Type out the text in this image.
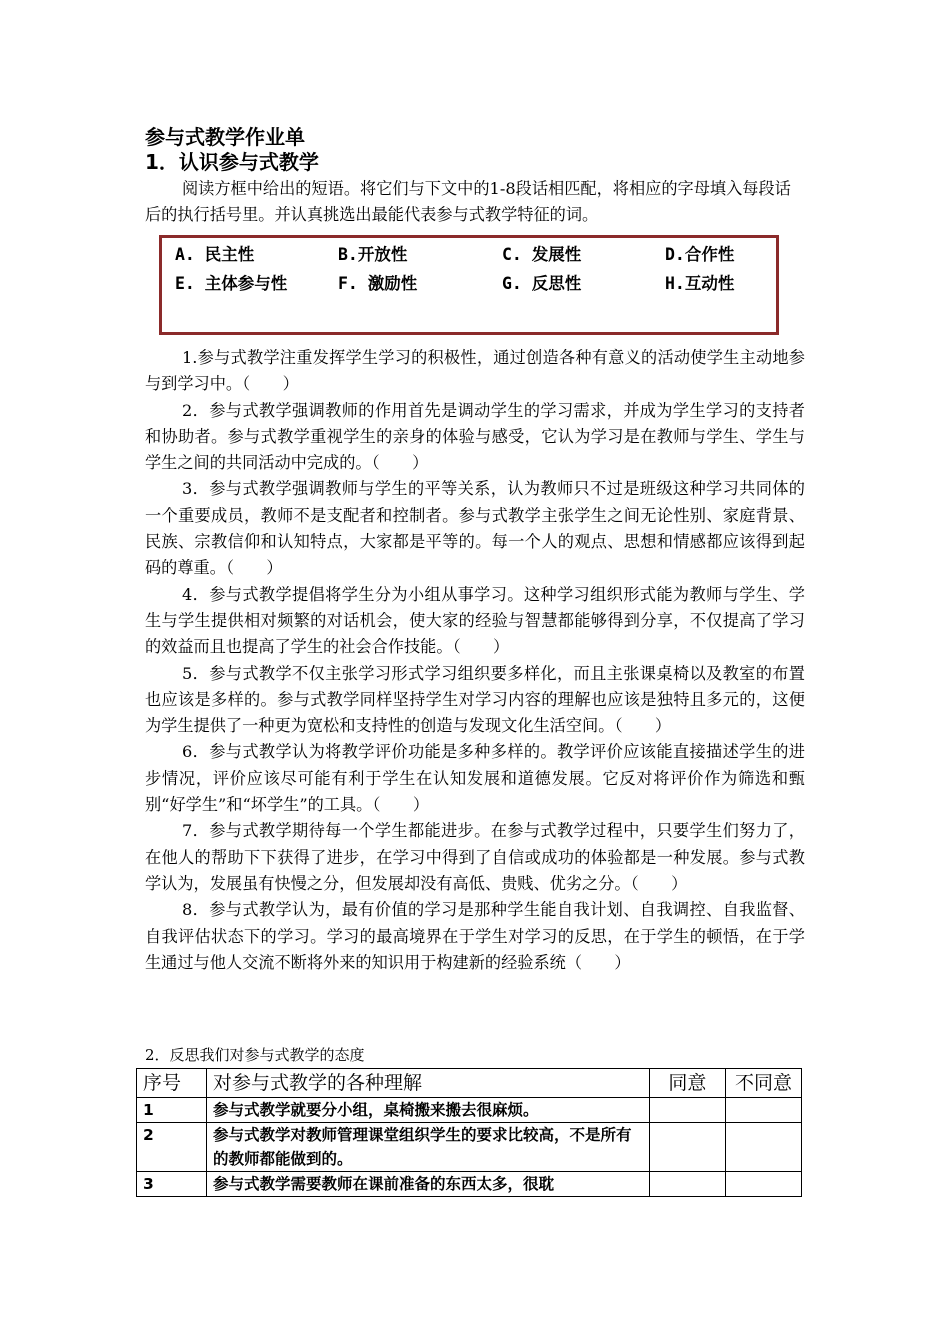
参与式教学作业单
1．认识参与式教学
阅读方框中给出的短语。将它们与下文中的1-8段话相匹配，将相应的字母填入每段话后的执行括号里。并认真挑选出最能代表参与式教学特征的词。
A. 民主性	B.开放性	C. 发展性	D.合作性
E. 主体参与性	F. 激励性	G. 反思性	H.互动性

1.参与式教学注重发挥学生学习的积极性，通过创造各种有意义的活动使学生主动地参与到学习中。（　　）

2．参与式教学强调教师的作用首先是调动学生的学习需求，并成为学生学习的支持者和协助者。参与式教学重视学生的亲身的体验与感受，它认为学习是在教师与学生、学生与学生之间的共同活动中完成的。（　　）

3．参与式教学强调教师与学生的平等关系，认为教师只不过是班级这种学习共同体的一个重要成员，教师不是支配者和控制者。参与式教学主张学生之间无论性别、家庭背景、民族、宗教信仰和认知特点，大家都是平等的。每一个人的观点、思想和情感都应该得到起码的尊重。（　　）

4．参与式教学提倡将学生分为小组从事学习。这种学习组织形式能为教师与学生、学生与学生提供相对频繁的对话机会，使大家的经验与智慧都能够得到分享，不仅提高了学习的效益而且也提高了学生的社会合作技能。（　　）

5．参与式教学不仅主张学习形式学习组织要多样化，而且主张课桌椅以及教室的布置也应该是多样的。参与式教学同样坚持学生对学习内容的理解也应该是独特且多元的，这便为学生提供了一种更为宽松和支持性的创造与发现文化生活空间。（　　）

6．参与式教学认为将教学评价功能是多种多样的。教学评价应该能直接描述学生的进步情况，评价应该尽可能有利于学生在认知发展和道德发展。它反对将评价作为筛选和甄别“好学生”和“坏学生”的工具。（　　）

7．参与式教学期待每一个学生都能进步。在参与式教学过程中，只要学生们努力了，在他人的帮助下下获得了进步，在学习中得到了自信或成功的体验都是一种发展。参与式教学认为，发展虽有快慢之分，但发展却没有高低、贵贱、优劣之分。（　　）

8．参与式教学认为，最有价值的学习是那种学生能自我计划、自我调控、自我监督、自我评估状态下的学习。学习的最高境界在于学生对学习的反思，在于学生的顿悟，在于学生通过与他人交流不断将外来的知识用于构建新的经验系统（　　）

2．反思我们对参与式教学的态度
序号	对参与式教学的各种理解	同意	不同意
1	参与式教学就要分小组，桌椅搬来搬去很麻烦。		
2	参与式教学对教师管理课堂组织学生的要求比较高，不是所有的教师都能做到的。		
3	参与式教学需要教师在课前准备的东西太多，很耽		
